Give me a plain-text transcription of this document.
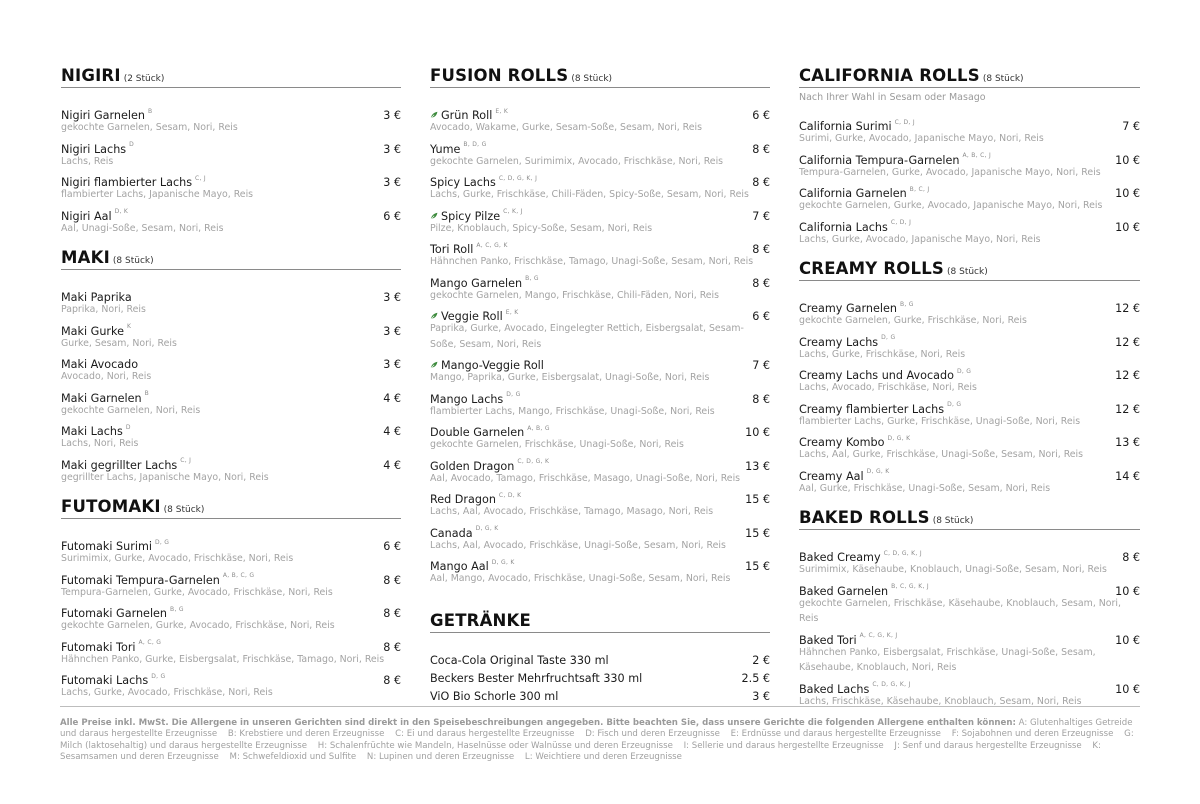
NIGIRI (2 Stück)
Nigiri Garnelen $^B$	3 €
gekochte Garnelen, Sesam, Nori, Reis
Nigiri Lachs $^D$	3 €
Lachs, Reis
Nigiri flambierter Lachs $^{C, J}$	3 €
flambierter Lachs, Japanische Mayo, Reis
Nigiri Aal $^{D, K}$	6 €
Aal, Unagi-Soße, Sesam, Nori, Reis
MAKI (8 Stück)
Maki Paprika	3 €
Paprika, Nori, Reis
Maki Gurke $^K$	3 €
Gurke, Sesam, Nori, Reis
Maki Avocado	3 €
Avocado, Nori, Reis
Maki Garnelen $^B$	4 €
gekochte Garnelen, Nori, Reis
Maki Lachs $^D$	4 €
Lachs, Nori, Reis
Maki gegrillter Lachs $^{C, J}$	4 €
gegrillter Lachs, Japanische Mayo, Nori, Reis
FUTOMAKI (8 Stück)
Futomaki Surimi $^{D, G}$	6 €
Surimimix, Gurke, Avocado, Frischkäse, Nori, Reis
Futomaki Tempura-Garnelen $^{A, B, C, G}$	8 €
Tempura-Garnelen, Gurke, Avocado, Frischkäse, Nori, Reis
Futomaki Garnelen $^{B, G}$	8 €
gekochte Garnelen, Gurke, Avocado, Frischkäse, Nori, Reis
Futomaki Tori $^{A, C, G}$	8 €
Hähnchen Panko, Gurke, Eisbergsalat, Frischkäse, Tamago, Nori, Reis
Futomaki Lachs $^{D, G}$	8 €
Lachs, Gurke, Avocado, Frischkäse, Nori, Reis
FUSION ROLLS (8 Stück)
Grün Roll $^{E, K}$	6 €
Avocado, Wakame, Gurke, Sesam-Soße, Sesam, Nori, Reis
Yume $^{B, D, G}$	8 €
gekochte Garnelen, Surimimix, Avocado, Frischkäse, Nori, Reis
Spicy Lachs $^{C, D, G, K, J}$	8 €
Lachs, Gurke, Frischkäse, Chili-Fäden, Spicy-Soße, Sesam, Nori, Reis
Spicy Pilze $^{C, K, J}$	7 €
Pilze, Knoblauch, Spicy-Soße, Sesam, Nori, Reis
Tori Roll $^{A, C, G, K}$	8 €
Hähnchen Panko, Frischkäse, Tamago, Unagi-Soße, Sesam, Nori, Reis
Mango Garnelen $^{B, G}$	8 €
gekochte Garnelen, Mango, Frischkäse, Chili-Fäden, Nori, Reis
Veggie Roll $^{E, K}$	6 €
Paprika, Gurke, Avocado, Eingelegter Rettich, Eisbergsalat, Sesam-Soße, Sesam, Nori, Reis
Mango-Veggie Roll	7 €
Mango, Paprika, Gurke, Eisbergsalat, Unagi-Soße, Nori, Reis
Mango Lachs $^{D, G}$	8 €
flambierter Lachs, Mango, Frischkäse, Unagi-Soße, Nori, Reis
Double Garnelen $^{A, B, G}$	10 €
gekochte Garnelen, Frischkäse, Unagi-Soße, Nori, Reis
Golden Dragon $^{C, D, G, K}$	13 €
Aal, Avocado, Tamago, Frischkäse, Masago, Unagi-Soße, Nori, Reis
Red Dragon $^{C, D, K}$	15 €
Lachs, Aal, Avocado, Frischkäse, Tamago, Masago, Nori, Reis
Canada $^{D, G, K}$	15 €
Lachs, Aal, Avocado, Frischkäse, Unagi-Soße, Sesam, Nori, Reis
Mango Aal $^{D, G, K}$	15 €
Aal, Mango, Avocado, Frischkäse, Unagi-Soße, Sesam, Nori, Reis
GETRÄNKE
Coca-Cola Original Taste 330 ml	2 €
Beckers Bester Mehrfruchtsaft 330 ml	2.5 €
ViO Bio Schorle 300 ml	3 €
CALIFORNIA ROLLS (8 Stück)
Nach Ihrer Wahl in Sesam oder Masago
California Surimi $^{C, D, J}$	7 €
Surimi, Gurke, Avocado, Japanische Mayo, Nori, Reis
California Tempura-Garnelen $^{A, B, C, J}$	10 €
Tempura-Garnelen, Gurke, Avocado, Japanische Mayo, Nori, Reis
California Garnelen $^{B, C, J}$	10 €
gekochte Garnelen, Gurke, Avocado, Japanische Mayo, Nori, Reis
California Lachs $^{C, D, J}$	10 €
Lachs, Gurke, Avocado, Japanische Mayo, Nori, Reis
CREAMY ROLLS (8 Stück)
Creamy Garnelen $^{B, G}$	12 €
gekochte Garnelen, Gurke, Frischkäse, Nori, Reis
Creamy Lachs $^{D, G}$	12 €
Lachs, Gurke, Frischkäse, Nori, Reis
Creamy Lachs und Avocado $^{D, G}$	12 €
Lachs, Avocado, Frischkäse, Nori, Reis
Creamy flambierter Lachs $^{D, G}$	12 €
flambierter Lachs, Gurke, Frischkäse, Unagi-Soße, Nori, Reis
Creamy Kombo $^{D, G, K}$	13 €
Lachs, Aal, Gurke, Frischkäse, Unagi-Soße, Sesam, Nori, Reis
Creamy Aal $^{D, G, K}$	14 €
Aal, Gurke, Frischkäse, Unagi-Soße, Sesam, Nori, Reis
BAKED ROLLS (8 Stück)
Baked Creamy $^{C, D, G, K, J}$	8 €
Surimimix, Käsehaube, Knoblauch, Unagi-Soße, Sesam, Nori, Reis
Baked Garnelen $^{B, C, G, K, J}$	10 €
gekochte Garnelen, Frischkäse, Käsehaube, Knoblauch, Sesam, Nori, Reis
Baked Tori $^{A, C, G, K, J}$	10 €
Hähnchen Panko, Eisbergsalat, Frischkäse, Unagi-Soße, Sesam, Käsehaube, Knoblauch, Nori, Reis
Baked Lachs $^{C, D, G, K, J}$	10 €
Lachs, Frischkäse, Käsehaube, Knoblauch, Sesam, Nori, Reis
Alle Preise inkl. MwSt. Die Allergene in unseren Gerichten sind direkt in den Speisebeschreibungen angegeben. Bitte beachten Sie, dass unsere Gerichte die folgenden Allergene enthalten können: A: Glutenhaltiges Getreide und daraus hergestellte Erzeugnisse B: Krebstiere und deren Erzeugnisse C: Ei und daraus hergestellte Erzeugnisse D: Fisch und deren Erzeugnisse E: Erdnüsse und daraus hergestellte Erzeugnisse F: Sojabohnen und deren Erzeugnisse G: Milch (laktosehaltig) und daraus hergestellte Erzeugnisse H: Schalenfrüchte wie Mandeln, Haselnüsse oder Walnüsse und deren Erzeugnisse I: Sellerie und daraus hergestellte Erzeugnisse J: Senf und daraus hergestellte Erzeugnisse K: Sesamsamen und deren Erzeugnisse M: Schwefeldioxid und Sulfite N: Lupinen und deren Erzeugnisse L: Weichtiere und deren Erzeugnisse
